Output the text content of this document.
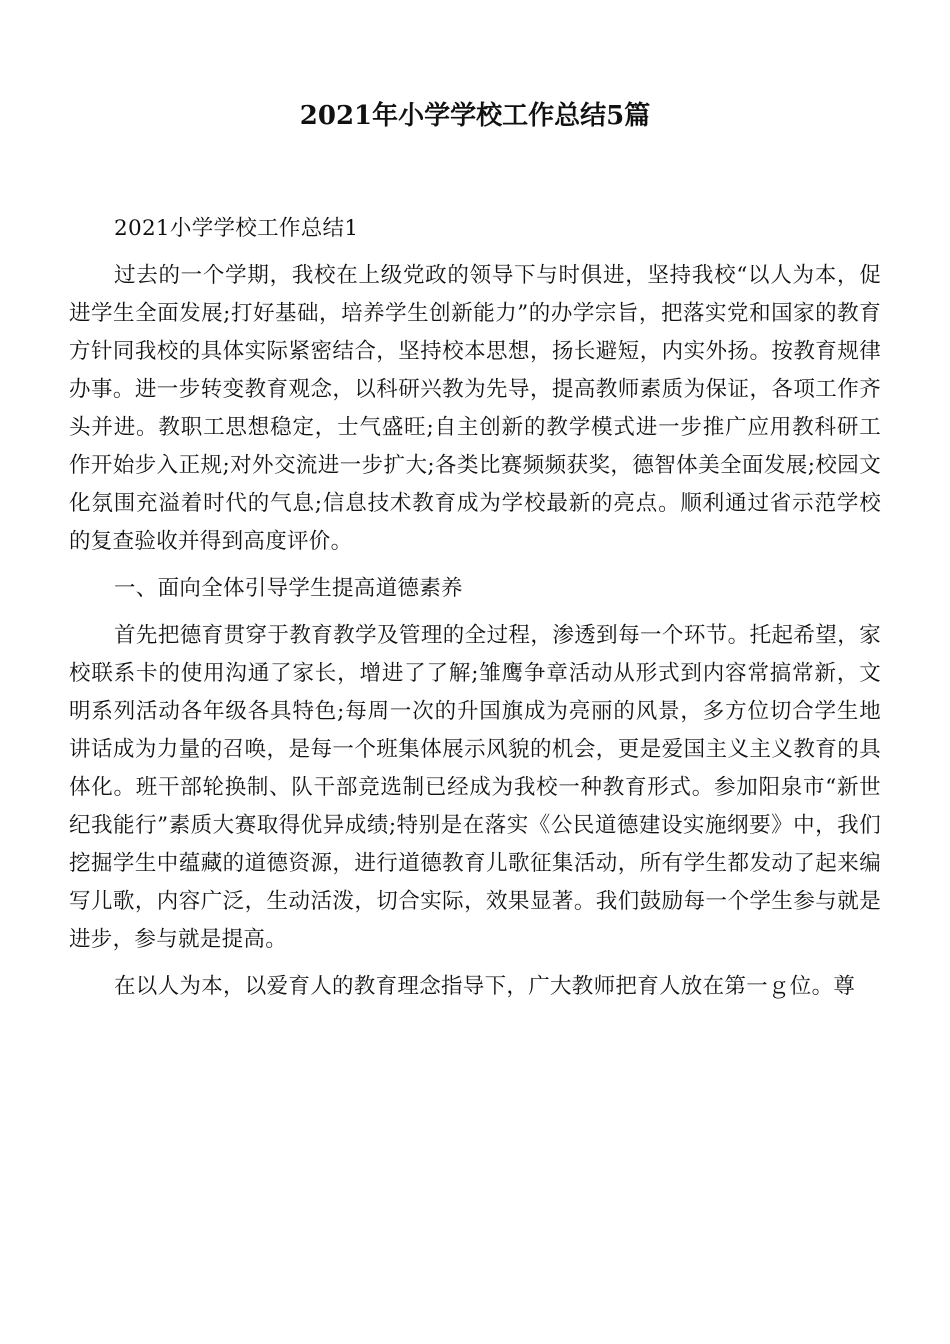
2021年小学学校工作总结5篇

2021小学学校工作总结1

过去的一个学期，我校在上级党政的领导下与时俱进，坚持我校“以人为本，促进学生全面发展;打好基础，培养学生创新能力”的办学宗旨，把落实党和国家的教育方针同我校的具体实际紧密结合，坚持校本思想，扬长避短，内实外扬。按教育规律办事。进一步转变教育观念，以科研兴教为先导，提高教师素质为保证，各项工作齐头并进。教职工思想稳定，士气盛旺;自主创新的教学模式进一步推广应用教科研工作开始步入正规;对外交流进一步扩大;各类比赛频频获奖，德智体美全面发展;校园文化氛围充溢着时代的气息;信息技术教育成为学校最新的亮点。顺利通过省示范学校的复查验收并得到高度评价。

一、面向全体引导学生提高道德素养

首先把德育贯穿于教育教学及管理的全过程，渗透到每一个环节。托起希望，家校联系卡的使用沟通了家长，增进了了解;雏鹰争章活动从形式到内容常搞常新，文明系列活动各年级各具特色;每周一次的升国旗成为亮丽的风景，多方位切合学生地讲话成为力量的召唤，是每一个班集体展示风貌的机会，更是爱国主义主义教育的具体化。班干部轮换制、队干部竞选制已经成为我校一种教育形式。参加阳泉市“新世纪我能行”素质大赛取得优异成绩;特别是在落实《公民道德建设实施纲要》中，我们挖掘学生中蕴藏的道德资源，进行道德教育儿歌征集活动，所有学生都发动了起来编写儿歌，内容广泛，生动活泼，切合实际，效果显著。我们鼓励每一个学生参与就是进步，参与就是提高。

在以人为本，以爱育人的教育理念指导下，广大教师把育人放在第一ｇ位。尊
